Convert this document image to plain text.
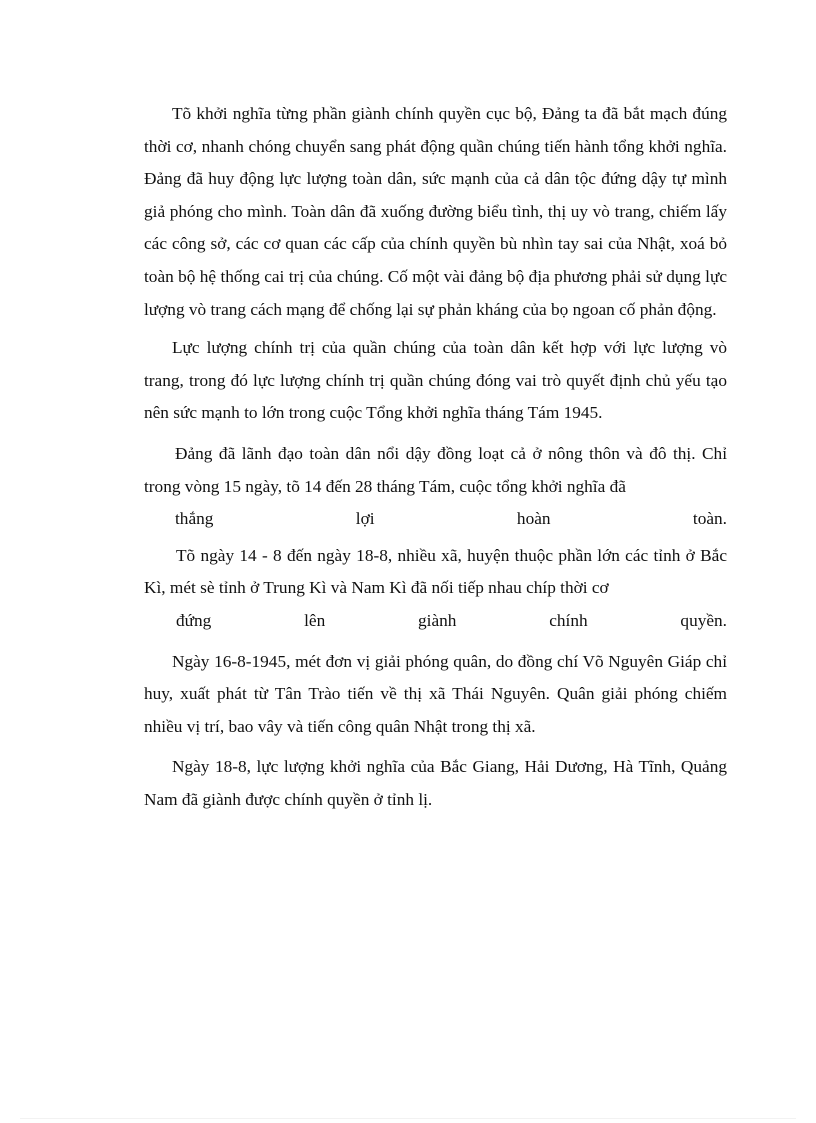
Tõ khởi nghĩa từng phần giành chính quyền cục bộ, Đảng ta đã bắt mạch đúng thời cơ, nhanh chóng chuyển sang phát động quần chúng tiến hành tổng khởi nghĩa. Đảng đã huy động lực lượng toàn dân, sức mạnh của cả dân tộc đứng dậy tự mình giả phóng cho mình. Toàn dân đã xuống đường biểu tình, thị uy vò trang, chiếm lấy các công sở, các cơ quan các cấp của chính quyền bù nhìn tay sai của Nhật, xoá bỏ toàn bộ hệ thống cai trị của chúng. Cố một vài đảng bộ địa phương phải sử dụng lực lượng vò trang cách mạng để chống lại sự phản kháng của bọ ngoan cố phản động.

Lực lượng chính trị của quần chúng của toàn dân kết hợp với lực lượng vò trang, trong đó lực lượng chính trị quần chúng đóng vai trò quyết định chủ yếu tạo nên sức mạnh to lớn trong cuộc Tổng khởi nghĩa tháng Tám 1945.

Đảng đã lãnh đạo toàn dân nổi dậy đồng loạt cả ở nông thôn và đô thị. Chỉ trong vòng 15 ngày, tõ 14 đến 28 tháng Tám, cuộc tổng khởi nghĩa đã
thắng lợi hoàn toàn.

Tõ ngày 14 - 8 đến ngày 18-8, nhiều xã, huyện thuộc phần lớn các tỉnh ở Bắc Kì, mét sè tỉnh ở Trung Kì và Nam Kì đã nối tiếp nhau chíp thời cơ
đứng lên giành chính quyền.

Ngày 16-8-1945, mét đơn vị giải phóng quân, do đồng chí Võ Nguyên Giáp chỉ huy, xuất phát từ Tân Trào tiến về thị xã Thái Nguyên. Quân giải phóng chiếm nhiều vị trí, bao vây và tiến công quân Nhật trong thị xã.

Ngày 18-8, lực lượng khởi nghĩa của Bắc Giang, Hải Dương, Hà Tĩnh, Quảng Nam đã giành được chính quyền ở tỉnh lị.
